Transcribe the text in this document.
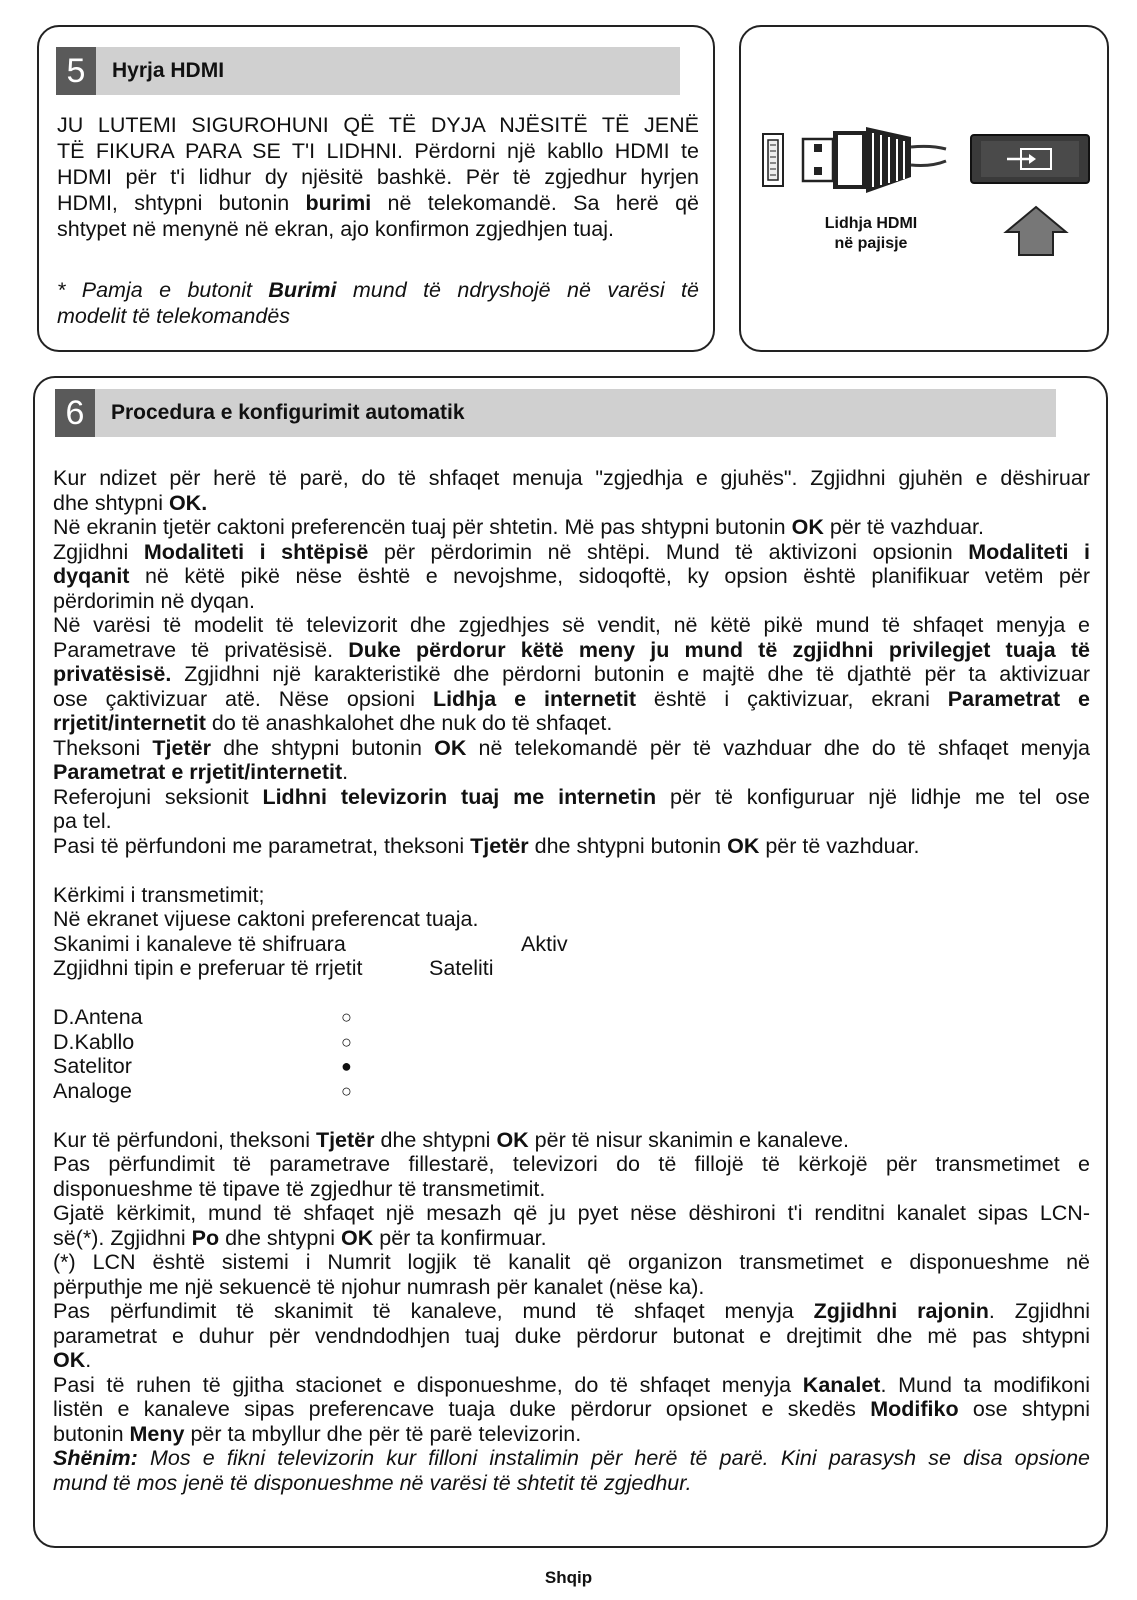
5	Hyrja HDMI

JU LUTEMI SIGUROHUNI QË TË DYJA NJËSITË TË JENË

TË FIKURA PARA SE T'I LIDHNI. Përdorni një kabllo HDMI te

HDMI për t'i lidhur dy njësitë bashkë. Për të zgjedhur hyrjen

HDMI, shtypni butonin burimi në telekomandë. Sa herë që

shtypet në menynë në ekran, ajo konfirmon zgjedhjen tuaj.

* Pamja e butonit Burimi mund të ndryshojë në varësi të

modelit të telekomandës

Lidhja HDMI
në pajisje
6	Procedura e konfigurimit automatik

Kur ndizet për herë të parë, do të shfaqet menuja "zgjedhja e gjuhës". Zgjidhni gjuhën e dëshiruar

dhe shtypni OK.

Në ekranin tjetër caktoni preferencën tuaj për shtetin. Më pas shtypni butonin OK për të vazhduar.

Zgjidhni Modaliteti i shtëpisë për përdorimin në shtëpi. Mund të aktivizoni opsionin Modaliteti i

dyqanit në këtë pikë nëse është e nevojshme, sidoqoftë, ky opsion është planifikuar vetëm për

përdorimin në dyqan.

Në varësi të modelit të televizorit dhe zgjedhjes së vendit, në këtë pikë mund të shfaqet menyja e

Parametrave të privatësisë. Duke përdorur këtë meny ju mund të zgjidhni privilegjet tuaja të

privatësisë. Zgjidhni një karakteristikë dhe përdorni butonin e majtë dhe të djathtë për ta aktivizuar

ose çaktivizuar atë. Nëse opsioni Lidhja e internetit është i çaktivizuar, ekrani Parametrat e

rrjetit/internetit do të anashkalohet dhe nuk do të shfaqet.

Theksoni Tjetër dhe shtypni butonin OK në telekomandë për të vazhduar dhe do të shfaqet menyja

Parametrat e rrjetit/internetit.

Referojuni seksionit Lidhni televizorin tuaj me internetin për të konfiguruar një lidhje me tel ose

pa tel.

Pasi të përfundoni me parametrat, theksoni Tjetër dhe shtypni butonin OK për të vazhduar.

Kërkimi i transmetimit;

Në ekranet vijuese caktoni preferencat tuaja.

Skanimi i kanaleve të shifruara	Aktiv
Zgjidhni tipin e preferuar të rrjetit	Sateliti
D.Antena	○
D.Kabllo	○
Satelitor	●
Analoge	○

Kur të përfundoni, theksoni Tjetër dhe shtypni OK për të nisur skanimin e kanaleve.

Pas përfundimit të parametrave fillestarë, televizori do të fillojë të kërkojë për transmetimet e

disponueshme të tipave të zgjedhur të transmetimit.

Gjatë kërkimit, mund të shfaqet një mesazh që ju pyet nëse dëshironi t'i renditni kanalet sipas LCN-

së(*). Zgjidhni Po dhe shtypni OK për ta konfirmuar.

(*) LCN është sistemi i Numrit logjik të kanalit që organizon transmetimet e disponueshme në

përputhje me një sekuencë të njohur numrash për kanalet (nëse ka).

Pas përfundimit të skanimit të kanaleve, mund të shfaqet menyja Zgjidhni rajonin. Zgjidhni

parametrat e duhur për vendndodhjen tuaj duke përdorur butonat e drejtimit dhe më pas shtypni

OK.

Pasi të ruhen të gjitha stacionet e disponueshme, do të shfaqet menyja Kanalet. Mund ta modifikoni

listën e kanaleve sipas preferencave tuaja duke përdorur opsionet e skedës Modifiko ose shtypni

butonin Meny për ta mbyllur dhe për të parë televizorin.

Shënim: Mos e fikni televizorin kur filloni instalimin për herë të parë. Kini parasysh se disa opsione

mund të mos jenë të disponueshme në varësi të shtetit të zgjedhur.

Shqip
